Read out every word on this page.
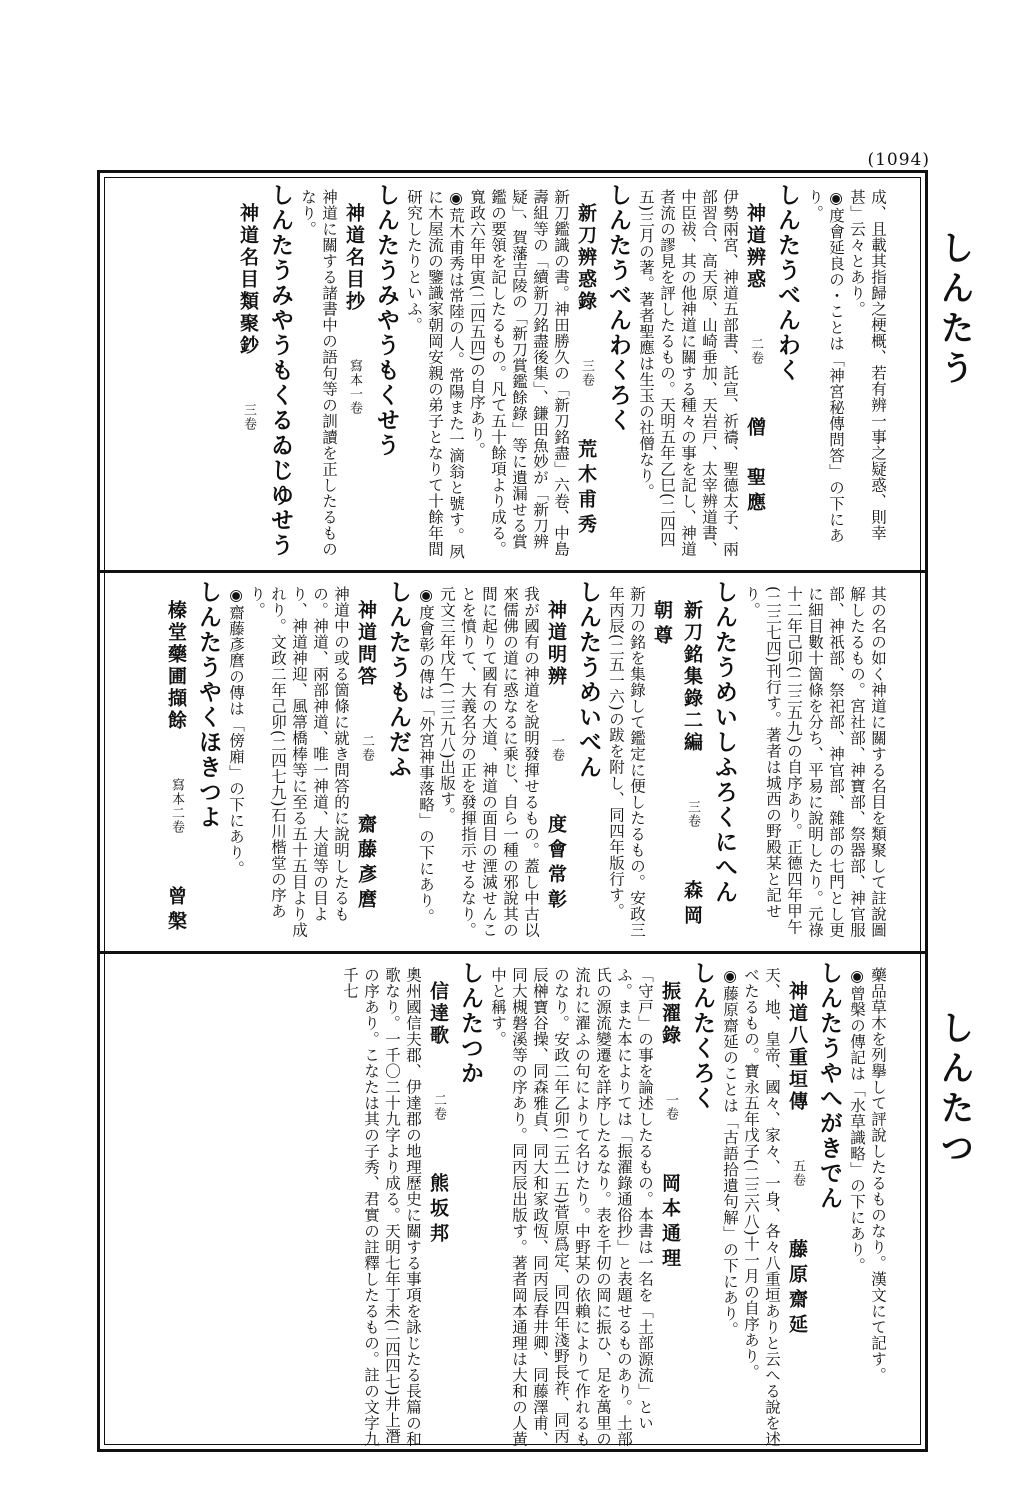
(1094)
しんたう
しんたつ
成、且載其指歸之梗概、若有辨一事之疑惑、則幸甚」云々とあり。
◉度會延良の・ことは「神宮秘傳問答」の下にあり。
しんたうべんわく
神道辨惑　二卷　僧　聖應
伊勢兩宮、神道五部書、託宣、祈禱、聖德太子、兩部習合、高天原、山崎垂加、天岩戸、太宰辨道書、中臣祓、其の他神道に關する種々の事を記し、神道者流の謬見を評したるもの。天明五年乙巳(二四四五)三月の著。著者聖應は生玉の社僧なり。
しんたうべんわくろく
新刀辨惑錄　三卷　荒木甫秀
新刀鑑識の書。神田勝久の「新刀銘盡」六卷、中島壽組等の「續新刀銘盡後集」、鎌田魚妙が「新刀辨疑」、賀藩吉陵の「新刀賞鑑餘錄」等に遺漏せる賞鑑の要領を記したるもの。凡て五十餘項より成る。寬政六年甲寅(二四五四)の自序あり。
◉荒木甫秀は常陸の人。常陽また一滴翁と號す。夙に木屋流の鑒識家朝岡安親の弟子となりて十餘年間研究したりといふ。
しんたうみやうもくせう
神道名目抄　寫本一卷
神道に關する諸書中の語句等の訓讀を正したるものなり。
しんたうみやうもくるゐじゆせう
神道名目類聚鈔　三卷
其の名の如く神道に關する名目を類聚して註說圖解したるもの。宮社部、神寶部、祭器部、神官服部、神祇部、祭祀部、神官部、雜部の七門とし更に細目數十箇條を分ち、平易に說明したり。元祿十二年己卯(二三五九)の自序あり。正德四年甲午(二三七四)刊行す。著者は城西の野殿某と記せり。
しんたうめいしふろくにへん
新刀銘集錄二編　三卷　森岡朝尊
新刀の銘を集錄して鑑定に便したるもの。安政三年丙辰(二五一六)の跋を附し、同四年版行す。
しんたうめいべん
神道明辨　一卷　度會常彰
我が國有の神道を說明發揮せるもの。蓋し中古以來儒佛の道に惑なるに乘じ、自ら一種の邪說其の間に起りて國有の大道、神道の面目の湮滅せんことを憤りて、大義名分の正を發揮指示せるなり。元文三年戊午(二三九八)出版す。
◉度會彰の傳は「外宮神事落略」の下にあり。
しんたうもんだふ
神道問答　二卷　齋藤彥麿
神道中の或る箇條に就き問答的に說明したるもの。神道、兩部神道、唯一神道、大道等の目より、神道神迎、風箒橋棒等に至る五十五目より成れり。文政二年己卯(二四七九)石川楷堂の序あり。
◉齋藤彥麿の傳は「傍廂」の下にあり。
しんたうやくほきつよ
榛堂藥圃擷餘　寫本二卷　曾槃
藥品草木を列擧して評說したるものなり。漢文にて記す。
◉曾槃の傳記は「水草識略」の下にあり。
しんたうやへがきでん
神道八重垣傳　五卷　藤原齋延
天、地、皇帝、國々、家々、一身、各々八重垣ありと云へる說を述べたるもの。寶永五年戊子(二三六八)十一月の自序あり。
◉藤原齋延のことは「古語拾遺句解」の下にあり。
しんたくろく
振濯錄　一卷　岡本通理
「守戸」の事を論述したるもの。本書は一名を「土部源流」といふ。また本によりては「振濯錄通俗抄」と表題せるものあり。土部氏の源流變遷を詳序したるなり。表を千仞の岡に振ひ、足を萬里の流れに濯ふの句によりて名けたり。中野某の依賴によりて作れるものなり。安政二年乙卯(二五一五)菅原爲定、同四年淺野長祚、同丙辰榊寶谷操、同森雅貞、同大和家政恆、同丙辰春井卿、同藤澤甫、同大槻磐溪等の序あり。同丙辰出版す。著者岡本通理は大和の人黃中と稱す。
しんたつか
信達歌　二卷　熊坂邦
奧州國信夫郡、伊達郡の地理歷史に關する事項を詠じたる長篇の和歌なり。一千〇二十九字より成る。天明七年丁未(二四四七)井上潛の序あり。こなたは其の子秀、君實の註釋したるもの。註の文字九千七
